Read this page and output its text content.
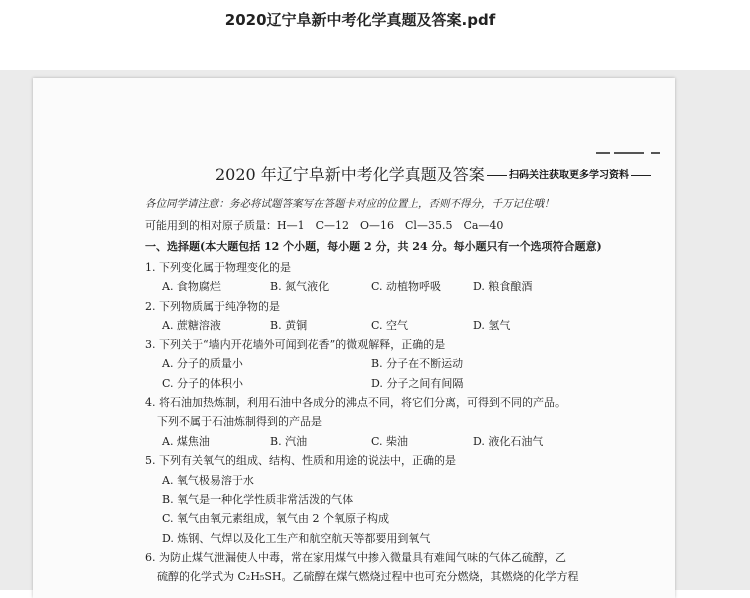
2020辽宁阜新中考化学真题及答案.pdf
2020 年辽宁阜新中考化学真题及答案	扫码关注获取更多学习资料
各位同学请注意：务必将试题答案写在答题卡对应的位置上，否则不得分，千万记住哦！
可能用到的相对原子质量：H—1　C—12　O—16　Cl—35.5　Ca—40
一、选择题(本大题包括 12 个小题，每小题 2 分，共 24 分。每小题只有一个选项符合题意)
1. 下列变化属于物理变化的是
A. 食物腐烂	B. 氮气液化	C. 动植物呼吸	D. 粮食酿酒
2. 下列物质属于纯净物的是
A. 蔗糖溶液	B. 黄铜	C. 空气	D. 氢气
3. 下列关于“墙内开花墙外可闻到花香”的微观解释，正确的是
A. 分子的质量小	B. 分子在不断运动
C. 分子的体积小	D. 分子之间有间隔
4. 将石油加热炼制，利用石油中各成分的沸点不同，将它们分离，可得到不同的产品。
下列不属于石油炼制得到的产品是
A. 煤焦油	B. 汽油	C. 柴油	D. 液化石油气
5. 下列有关氧气的组成、结构、性质和用途的说法中，正确的是
A. 氧气极易溶于水
B. 氧气是一种化学性质非常活泼的气体
C. 氧气由氧元素组成，氧气由 2 个氧原子构成
D. 炼钢、气焊以及化工生产和航空航天等都要用到氧气
6. 为防止煤气泄漏使人中毒，常在家用煤气中掺入微量具有难闻气味的气体乙硫醇，乙
硫醇的化学式为 C₂H₅SH。乙硫醇在煤气燃烧过程中也可充分燃烧，其燃烧的化学方程
